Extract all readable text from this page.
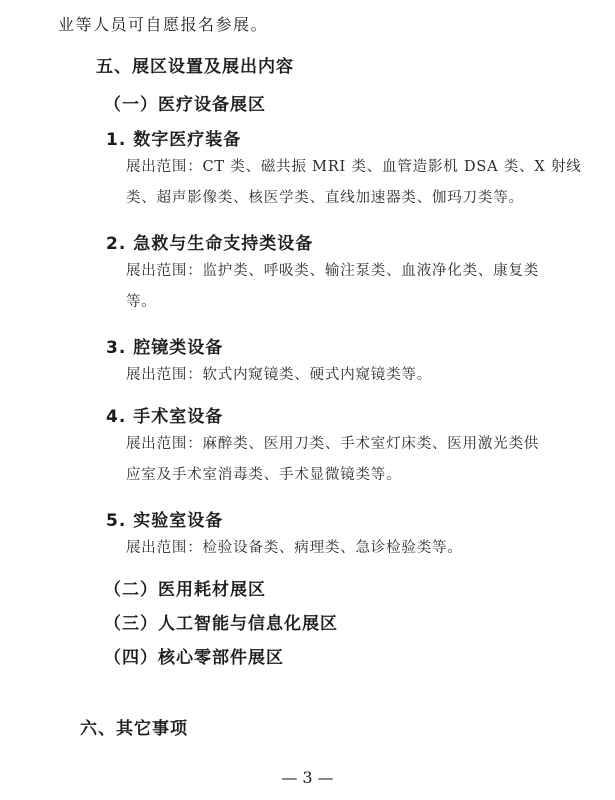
业等人员可自愿报名参展。
五、展区设置及展出内容
（一）医疗设备展区
1. 数字医疗装备
展出范围：CT 类、磁共振 MRI 类、血管造影机 DSA 类、X 射线
类、超声影像类、核医学类、直线加速器类、伽玛刀类等。
2. 急救与生命支持类设备
展出范围：监护类、呼吸类、输注泵类、血液净化类、康复类
等。
3. 腔镜类设备
展出范围：软式内窥镜类、硬式内窥镜类等。
4. 手术室设备
展出范围：麻醉类、医用刀类、手术室灯床类、医用激光类供
应室及手术室消毒类、手术显微镜类等。
5. 实验室设备
展出范围：检验设备类、病理类、急诊检验类等。
（二）医用耗材展区
（三）人工智能与信息化展区
（四）核心零部件展区
六、其它事项
— 3 —
